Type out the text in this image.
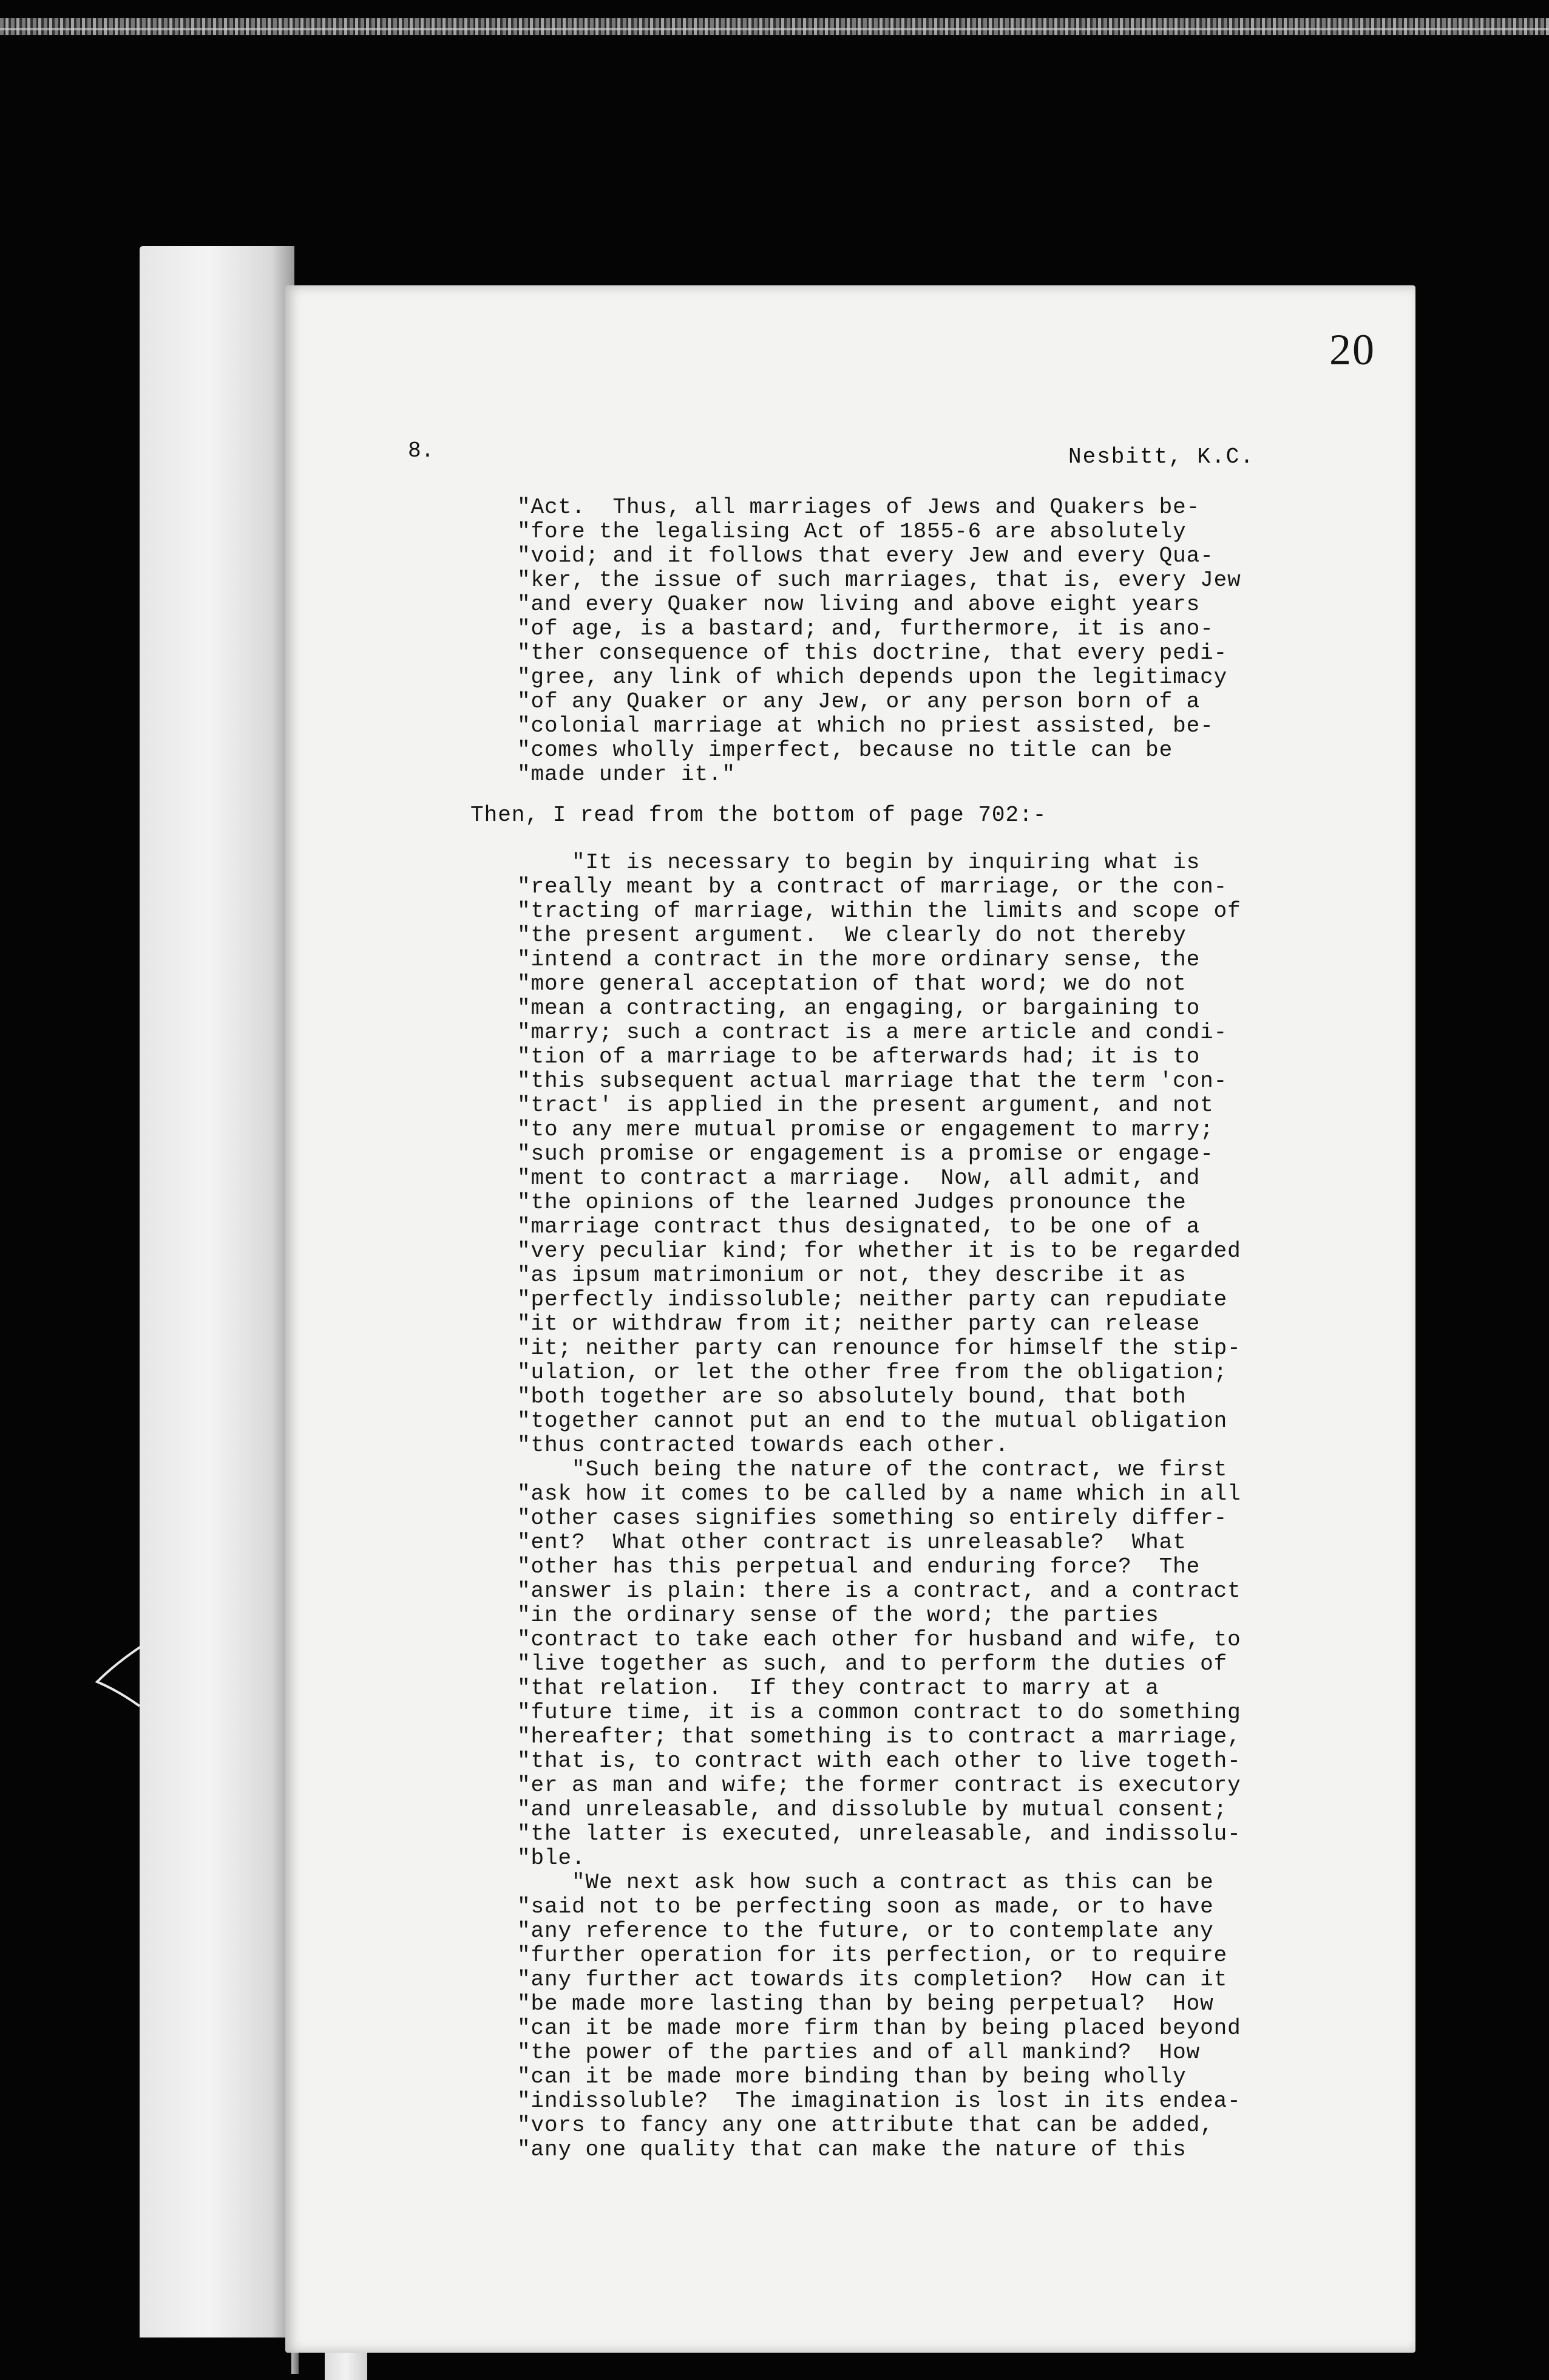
20
8.	Nesbitt, K.C.

"Act.  Thus, all marriages of Jews and Quakers be-

"fore the legalising Act of 1855-6 are absolutely

"void; and it follows that every Jew and every Qua-

"ker, the issue of such marriages, that is, every Jew

"and every Quaker now living and above eight years

"of age, is a bastard; and, furthermore, it is ano-

"ther consequence of this doctrine, that every pedi-

"gree, any link of which depends upon the legitimacy

"of any Quaker or any Jew, or any person born of a

"colonial marriage at which no priest assisted, be-

"comes wholly imperfect, because no title can be

"made under it."

Then, I read from the bottom of page 702:-

"It is necessary to begin by inquiring what is

"really meant by a contract of marriage, or the con-

"tracting of marriage, within the limits and scope of

"the present argument.  We clearly do not thereby

"intend a contract in the more ordinary sense, the

"more general acceptation of that word; we do not

"mean a contracting, an engaging, or bargaining to

"marry; such a contract is a mere article and condi-

"tion of a marriage to be afterwards had; it is to

"this subsequent actual marriage that the term 'con-

"tract' is applied in the present argument, and not

"to any mere mutual promise or engagement to marry;

"such promise or engagement is a promise or engage-

"ment to contract a marriage.  Now, all admit, and

"the opinions of the learned Judges pronounce the

"marriage contract thus designated, to be one of a

"very peculiar kind; for whether it is to be regarded

"as ipsum matrimonium or not, they describe it as

"perfectly indissoluble; neither party can repudiate

"it or withdraw from it; neither party can release

"it; neither party can renounce for himself the stip-

"ulation, or let the other free from the obligation;

"both together are so absolutely bound, that both

"together cannot put an end to the mutual obligation

"thus contracted towards each other.

"Such being the nature of the contract, we first

"ask how it comes to be called by a name which in all

"other cases signifies something so entirely differ-

"ent?  What other contract is unreleasable?  What

"other has this perpetual and enduring force?  The

"answer is plain: there is a contract, and a contract

"in the ordinary sense of the word; the parties

"contract to take each other for husband and wife, to

"live together as such, and to perform the duties of

"that relation.  If they contract to marry at a

"future time, it is a common contract to do something

"hereafter; that something is to contract a marriage,

"that is, to contract with each other to live togeth-

"er as man and wife; the former contract is executory

"and unreleasable, and dissoluble by mutual consent;

"the latter is executed, unreleasable, and indissolu-

"ble.

"We next ask how such a contract as this can be

"said not to be perfecting soon as made, or to have

"any reference to the future, or to contemplate any

"further operation for its perfection, or to require

"any further act towards its completion?  How can it

"be made more lasting than by being perpetual?  How

"can it be made more firm than by being placed beyond

"the power of the parties and of all mankind?  How

"can it be made more binding than by being wholly

"indissoluble?  The imagination is lost in its endea-

"vors to fancy any one attribute that can be added,

"any one quality that can make the nature of this
